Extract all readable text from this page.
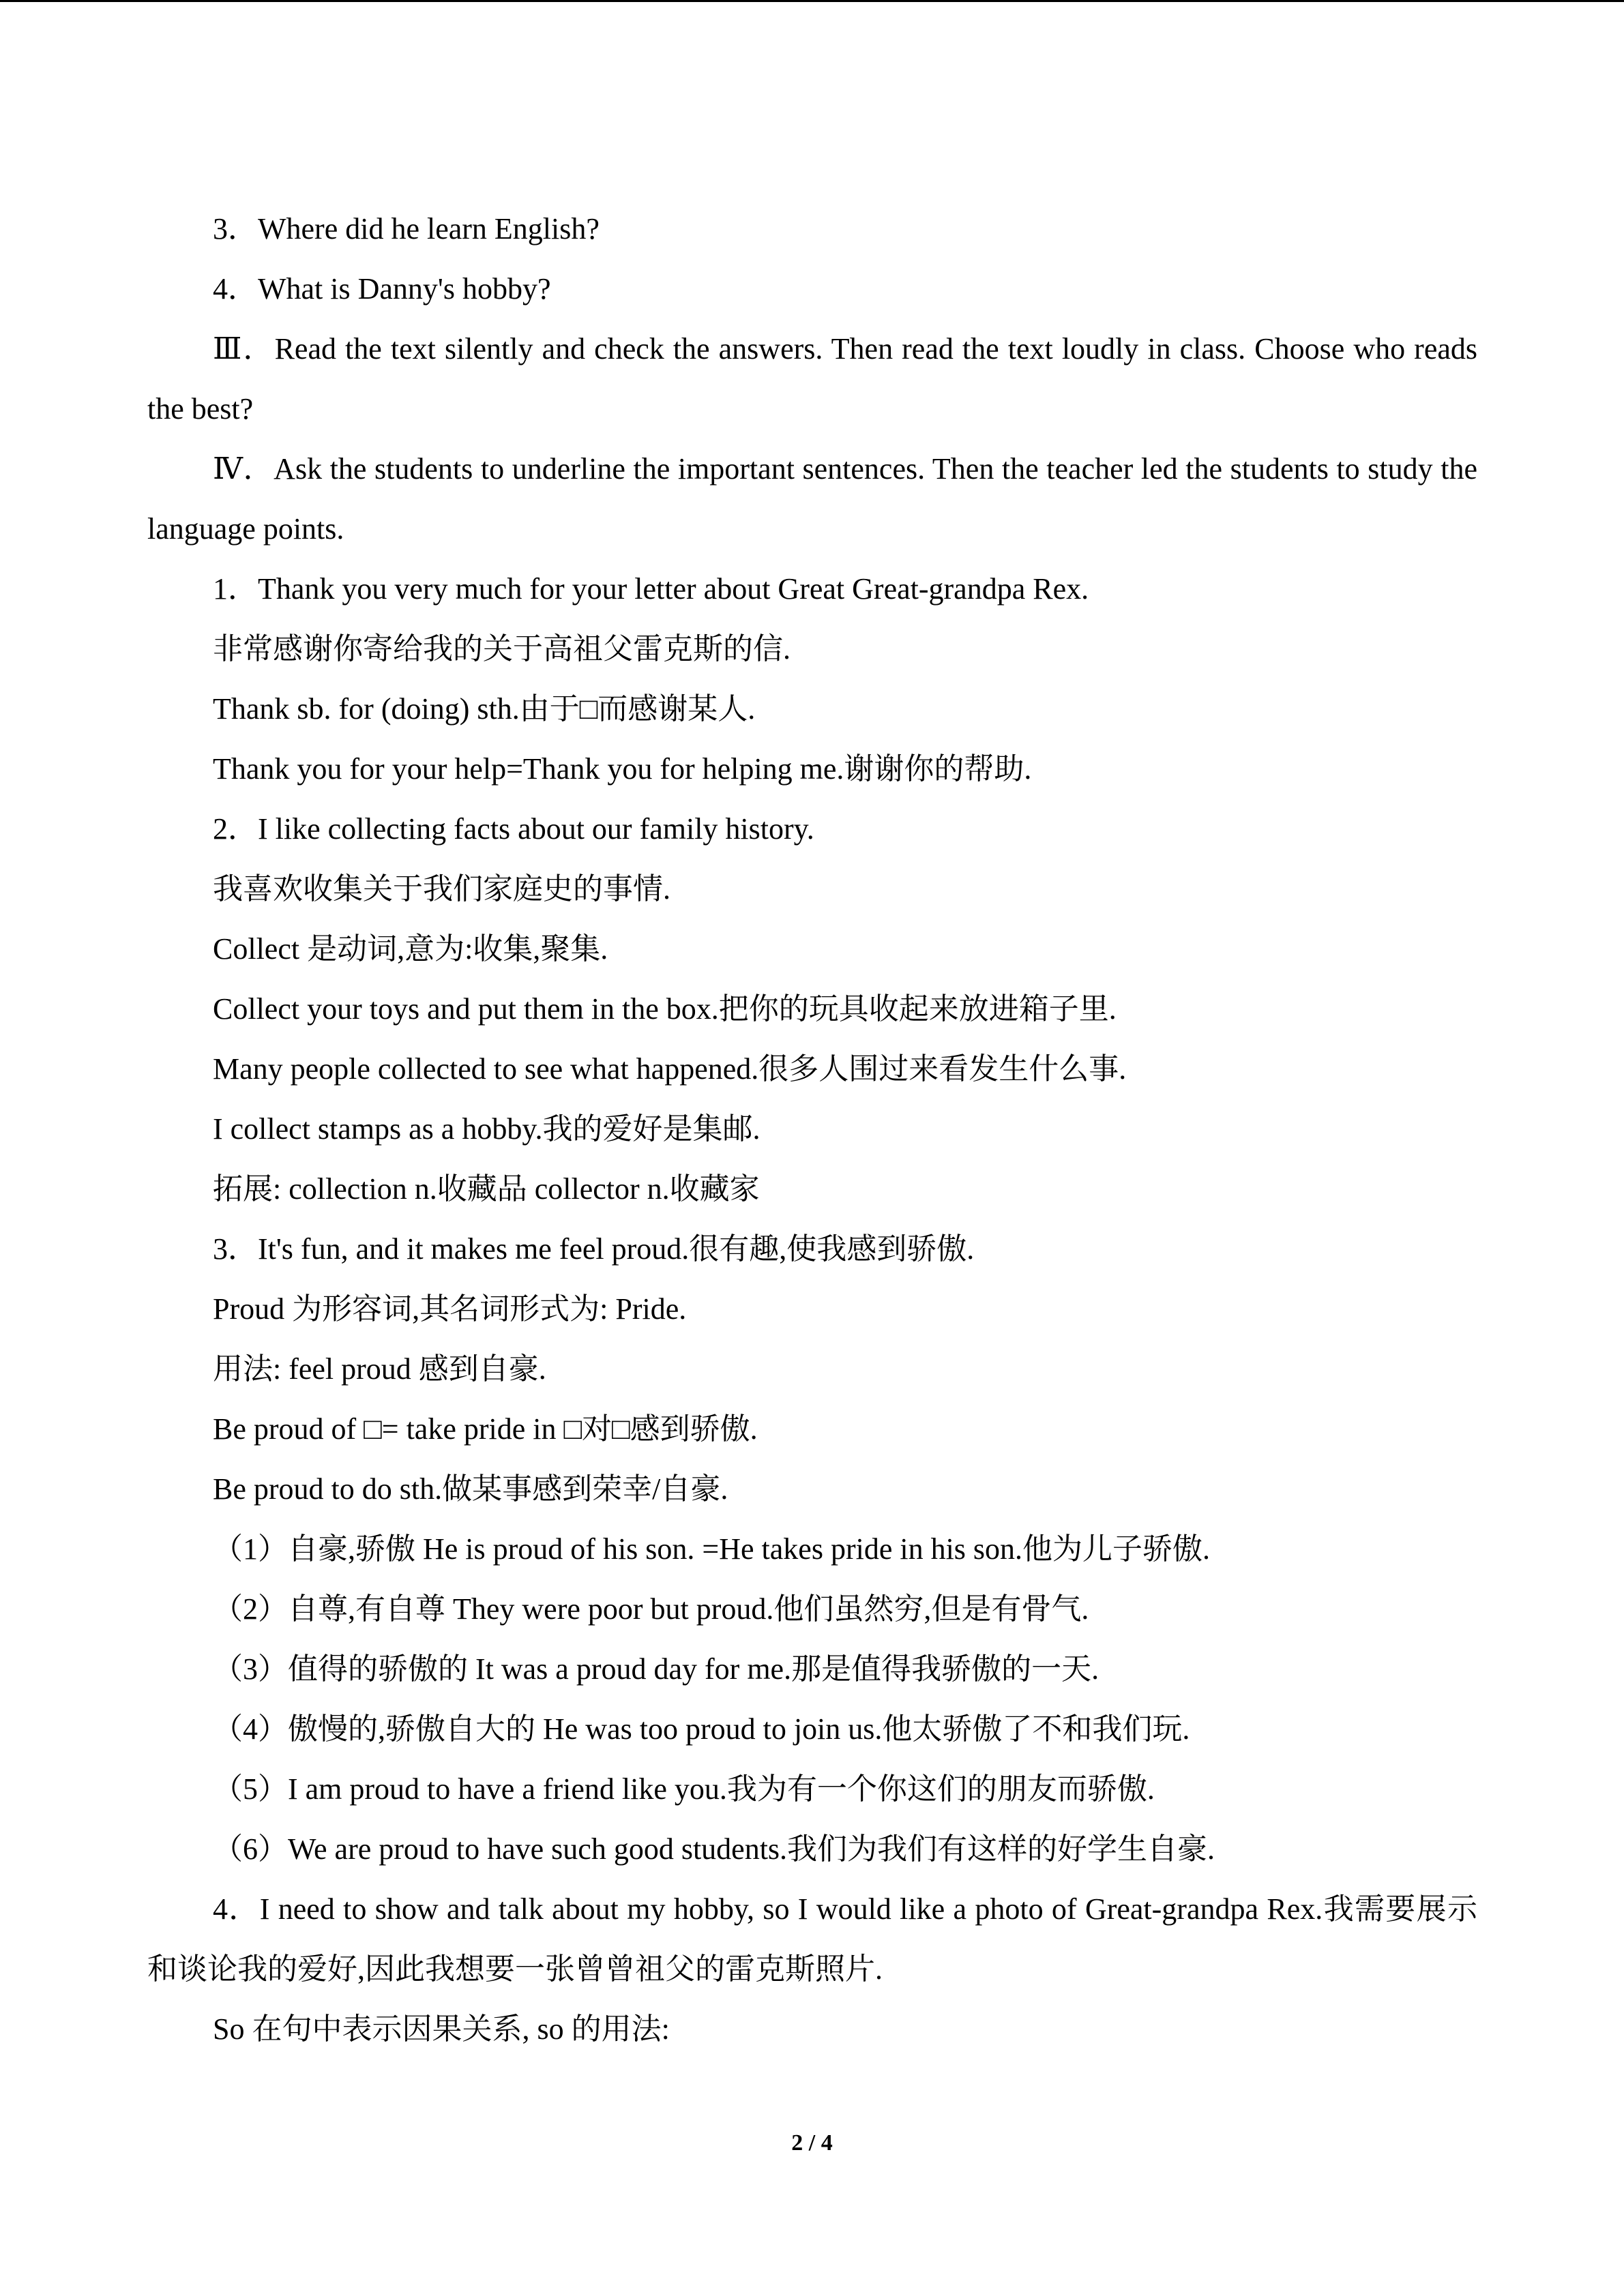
3．Where did he learn English?
4．What is Danny's hobby?
Ⅲ．Read the text silently and check the answers. Then read the text loudly in class. Choose who reads the best?
Ⅳ．Ask the students to underline the important sentences. Then the teacher led the students to study the language points.
1．Thank you very much for your letter about Great Great-grandpa Rex.
非常感谢你寄给我的关于高祖父雷克斯的信.
Thank sb. for (doing) sth.由于□而感谢某人.
Thank you for your help=Thank you for helping me.谢谢你的帮助.
2．I like collecting facts about our family history.
我喜欢收集关于我们家庭史的事情.
Collect 是动词,意为:收集,聚集.
Collect your toys and put them in the box.把你的玩具收起来放进箱子里.
Many people collected to see what happened.很多人围过来看发生什么事.
I collect stamps as a hobby.我的爱好是集邮.
拓展: collection n.收藏品 collector n.收藏家
3．It's fun, and it makes me feel proud.很有趣,使我感到骄傲.
Proud 为形容词,其名词形式为: Pride.
用法: feel proud 感到自豪.
Be proud of □= take pride in □对□感到骄傲.
Be proud to do sth.做某事感到荣幸/自豪.
（1）自豪,骄傲 He is proud of his son. =He takes pride in his son.他为儿子骄傲.
（2）自尊,有自尊 They were poor but proud.他们虽然穷,但是有骨气.
（3）值得的骄傲的 It was a proud day for me.那是值得我骄傲的一天.
（4）傲慢的,骄傲自大的 He was too proud to join us.他太骄傲了不和我们玩.
（5）I am proud to have a friend like you.我为有一个你这们的朋友而骄傲.
（6）We are proud to have such good students.我们为我们有这样的好学生自豪.
4．I need to show and talk about my hobby, so I would like a photo of Great-grandpa Rex.我需要展示和谈论我的爱好,因此我想要一张曾曾祖父的雷克斯照片.
So 在句中表示因果关系, so 的用法:
2 / 4
